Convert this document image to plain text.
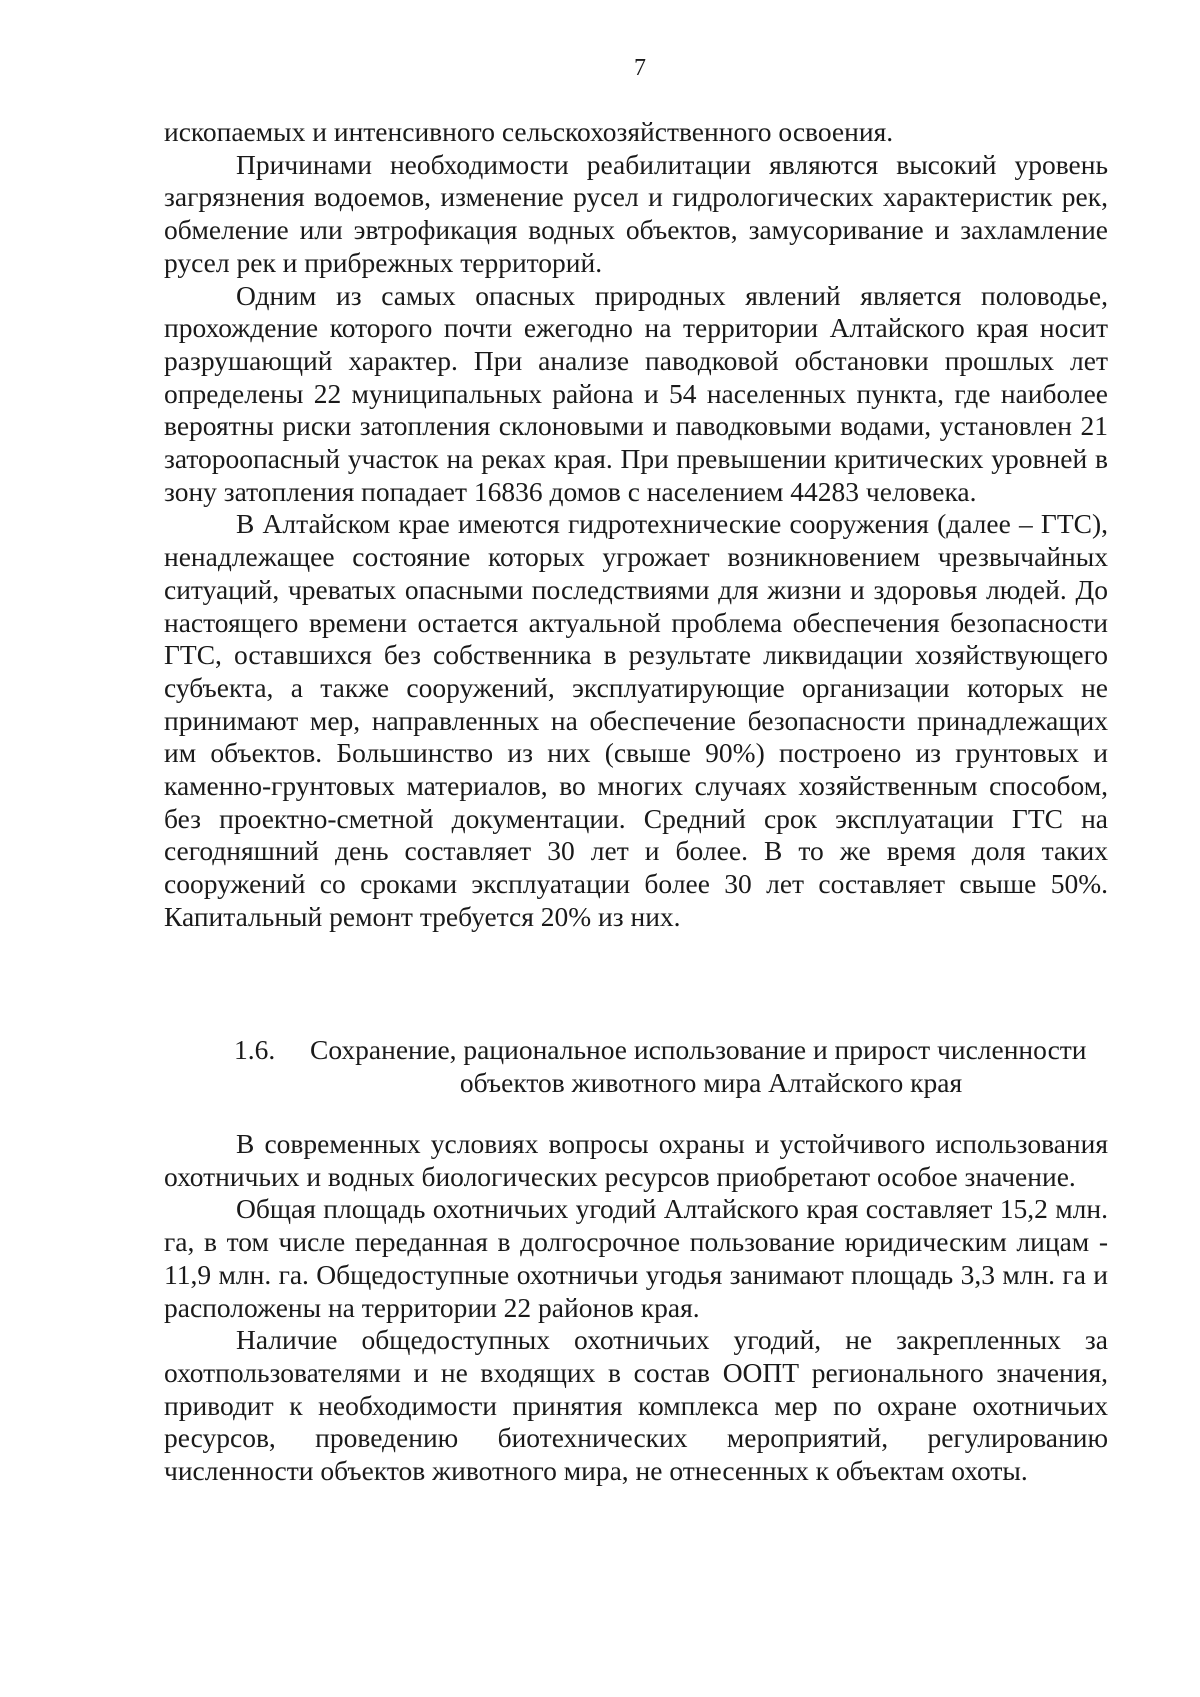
7

ископаемых и интенсивного сельскохозяйственного освоения.

Причинами необходимости реабилитации являются высокий уровень загрязнения водоемов, изменение русел и гидрологических характеристик рек, обмеление или эвтрофикация водных объектов, замусоривание и захламление русел рек и прибрежных территорий.

Одним из самых опасных природных явлений является половодье, прохождение которого почти ежегодно на территории Алтайского края носит разрушающий характер. При анализе паводковой обстановки прошлых лет определены 22 муниципальных района и 54 населенных пункта, где наиболее вероятны риски затопления склоновыми и паводковыми водами, установлен 21 затороопасный участок на реках края. При превышении критических уровней в зону затопления попадает 16836 домов с населением 44283 человека.

В Алтайском крае имеются гидротехнические сооружения (далее – ГТС), ненадлежащее состояние которых угрожает возникновением чрезвычайных ситуаций, чреватых опасными последствиями для жизни и здоровья людей. До настоящего времени остается актуальной проблема обеспечения безопасности ГТС, оставшихся без собственника в результате ликвидации хозяйствующего субъекта, а также сооружений, эксплуатирующие организации которых не принимают мер, направленных на обеспечение безопасности принадлежащих им объектов. Большинство из них (свыше 90%) построено из грунтовых и каменно-грунтовых материалов, во многих случаях хозяйственным способом, без проектно-сметной документации. Средний срок эксплуатации ГТС на сегодняшний день составляет 30 лет и более. В то же время доля таких сооружений со сроками эксплуатации более 30 лет составляет свыше 50%. Капитальный ремонт требуется 20% из них.

1.6. Сохранение, рациональное использование и прирост численности

объектов животного мира Алтайского края

В современных условиях вопросы охраны и устойчивого использования охотничьих и водных биологических ресурсов приобретают особое значение.

Общая площадь охотничьих угодий Алтайского края составляет 15,2 млн. га, в том числе переданная в долгосрочное пользование юридическим лицам - 11,9 млн. га. Общедоступные охотничьи угодья занимают площадь 3,3 млн. га и расположены на территории 22 районов края.

Наличие общедоступных охотничьих угодий, не закрепленных за охотпользователями и не входящих в состав ООПТ регионального значения, приводит к необходимости принятия комплекса мер по охране охотничьих ресурсов, проведению биотехнических мероприятий, регулированию численности объектов животного мира, не отнесенных к объектам охоты.
